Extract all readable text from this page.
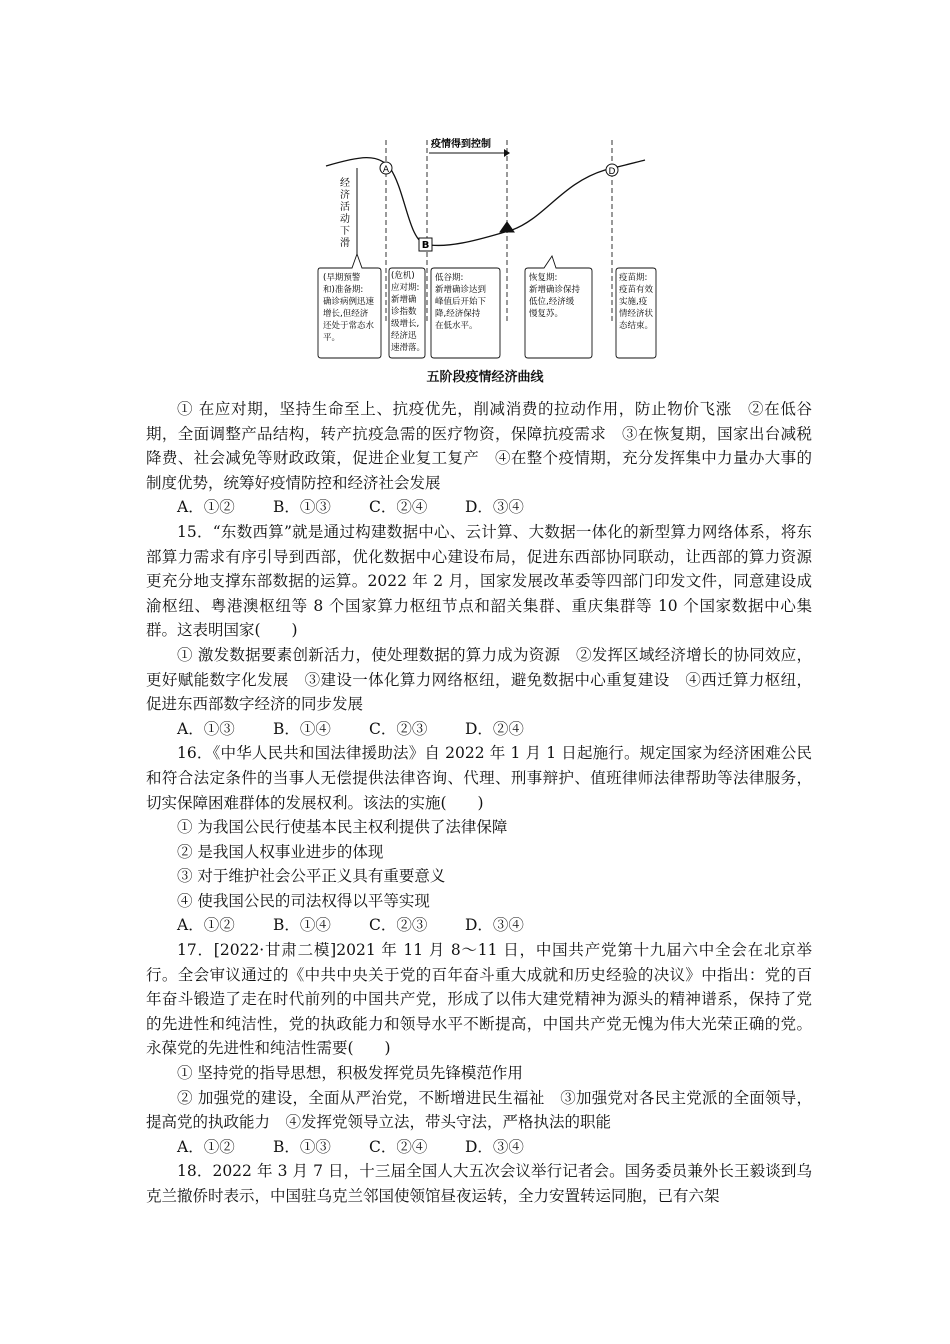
A
B
C
D
疫情得到控制
经
济
活
动
下
滑
(早期预警
和)准备期:
确诊病例迅速
增长,但经济
还处于常态水
平。
(危机)
应对期:
新增确
诊指数
级增长,
经济迅
速滑落。
低谷期:
新增确诊达到
峰值后开始下
降,经济保持
在低水平。
恢复期:
新增确诊保持
低位,经济缓
慢复苏。
疫苗期:
疫苗有效
实施,疫
情经济状
态结束。
五阶段疫情经济曲线

① 在应对期，坚持生命至上、抗疫优先，削减消费的拉动作用，防止物价飞涨　②在低谷期，全面调整产品结构，转产抗疫急需的医疗物资，保障抗疫需求　③在恢复期，国家出台减税降费、社会减免等财政政策，促进企业复工复产　④在整个疫情期，充分发挥集中力量办大事的制度优势，统筹好疫情防控和经济社会发展

A．①② B．①③ C．②④ D．③④

15．“东数西算”就是通过构建数据中心、云计算、大数据一体化的新型算力网络体系，将东部算力需求有序引导到西部，优化数据中心建设布局，促进东西部协同联动，让西部的算力资源更充分地支撑东部数据的运算。2022 年 2 月，国家发展改革委等四部门印发文件，同意建设成渝枢纽、粤港澳枢纽等 8 个国家算力枢纽节点和韶关集群、重庆集群等 10 个国家数据中心集群。这表明国家(　　)

① 激发数据要素创新活力，使处理数据的算力成为资源　②发挥区域经济增长的协同效应，更好赋能数字化发展　③建设一体化算力网络枢纽，避免数据中心重复建设　④西迁算力枢纽，促进东西部数字经济的同步发展

A．①③ B．①④ C．②③ D．②④

16．《中华人民共和国法律援助法》自 2022 年 1 月 1 日起施行。规定国家为经济困难公民和符合法定条件的当事人无偿提供法律咨询、代理、刑事辩护、值班律师法律帮助等法律服务，切实保障困难群体的发展权利。该法的实施(　　)

① 为我国公民行使基本民主权利提供了法律保障

② 是我国人权事业进步的体现

③ 对于维护社会公平正义具有重要意义

④ 使我国公民的司法权得以平等实现

A．①② B．①④ C．②③ D．③④

17．[2022·甘肃二模]2021 年 11 月 8～11 日，中国共产党第十九届六中全会在北京举行。全会审议通过的《中共中央关于党的百年奋斗重大成就和历史经验的决议》中指出：党的百年奋斗锻造了走在时代前列的中国共产党，形成了以伟大建党精神为源头的精神谱系，保持了党的先进性和纯洁性，党的执政能力和领导水平不断提高，中国共产党无愧为伟大光荣正确的党。永葆党的先进性和纯洁性需要(　　)

① 坚持党的指导思想，积极发挥党员先锋模范作用

② 加强党的建设，全面从严治党，不断增进民生福祉　③加强党对各民主党派的全面领导，提高党的执政能力　④发挥党领导立法，带头守法，严格执法的职能

A．①② B．①③ C．②④ D．③④

18．2022 年 3 月 7 日，十三届全国人大五次会议举行记者会。国务委员兼外长王毅谈到乌克兰撤侨时表示，中国驻乌克兰邻国使领馆昼夜运转，全力安置转运同胞，已有六架
